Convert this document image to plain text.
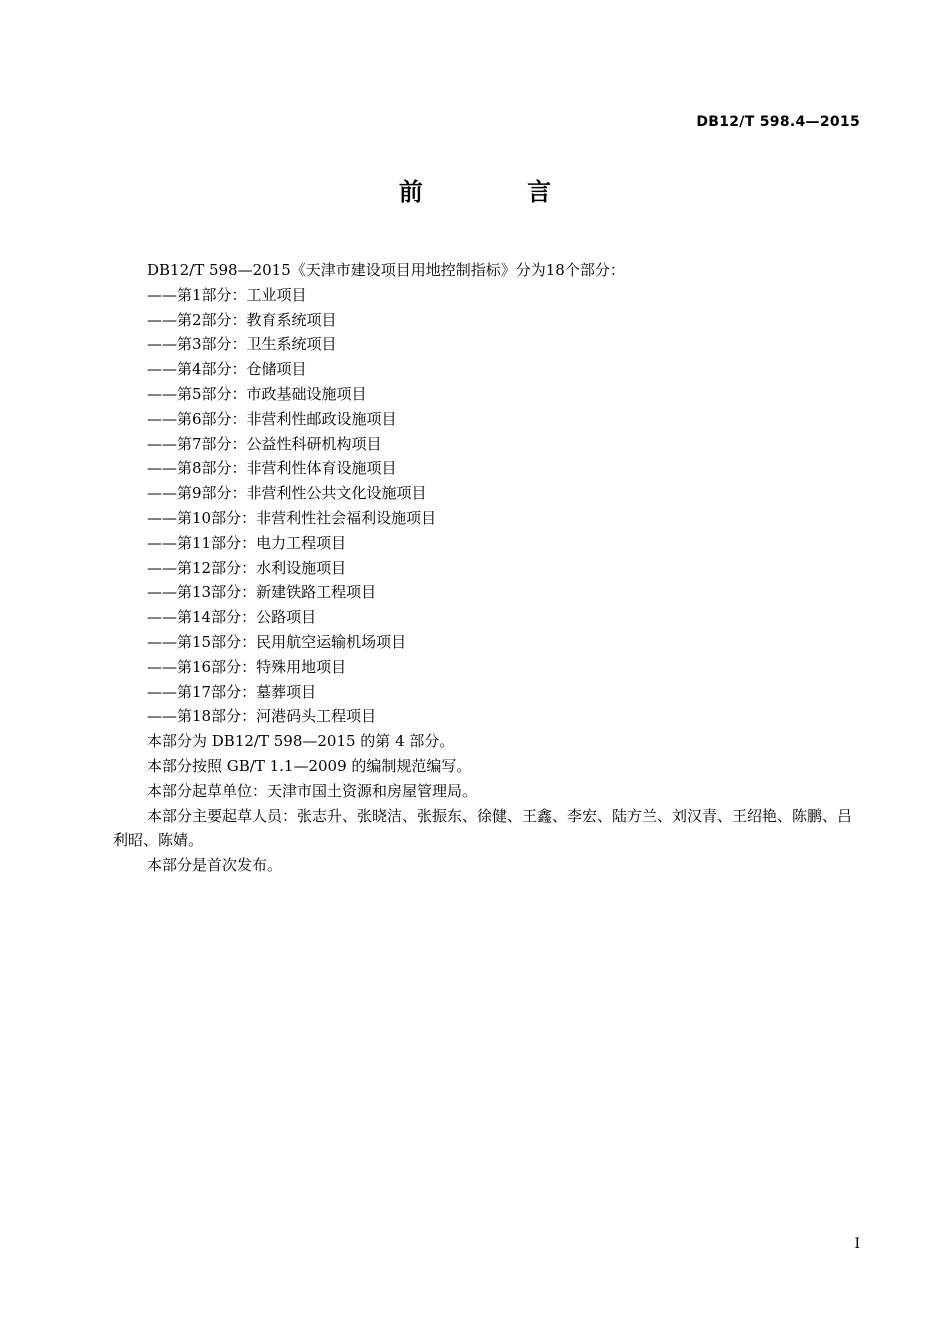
DB12/T 598.4—2015
前 言

DB12/T 598—2015《天津市建设项目用地控制指标》分为18个部分：

——第1部分：工业项目
——第2部分：教育系统项目
——第3部分：卫生系统项目
——第4部分：仓储项目
——第5部分：市政基础设施项目
——第6部分：非营利性邮政设施项目
——第7部分：公益性科研机构项目
——第8部分：非营利性体育设施项目
——第9部分：非营利性公共文化设施项目
——第10部分：非营利性社会福利设施项目
——第11部分：电力工程项目
——第12部分：水利设施项目
——第13部分：新建铁路工程项目
——第14部分：公路项目
——第15部分：民用航空运输机场项目
——第16部分：特殊用地项目
——第17部分：墓葬项目
——第18部分：河港码头工程项目

本部分为 DB12/T 598—2015 的第 4 部分。

本部分按照 GB/T 1.1—2009 的编制规范编写。

本部分起草单位：天津市国土资源和房屋管理局。

本部分主要起草人员：张志升、张晓洁、张振东、徐健、王鑫、李宏、陆方兰、刘汉青、王绍艳、陈鹏、吕利昭、陈婧。

本部分是首次发布。

I
